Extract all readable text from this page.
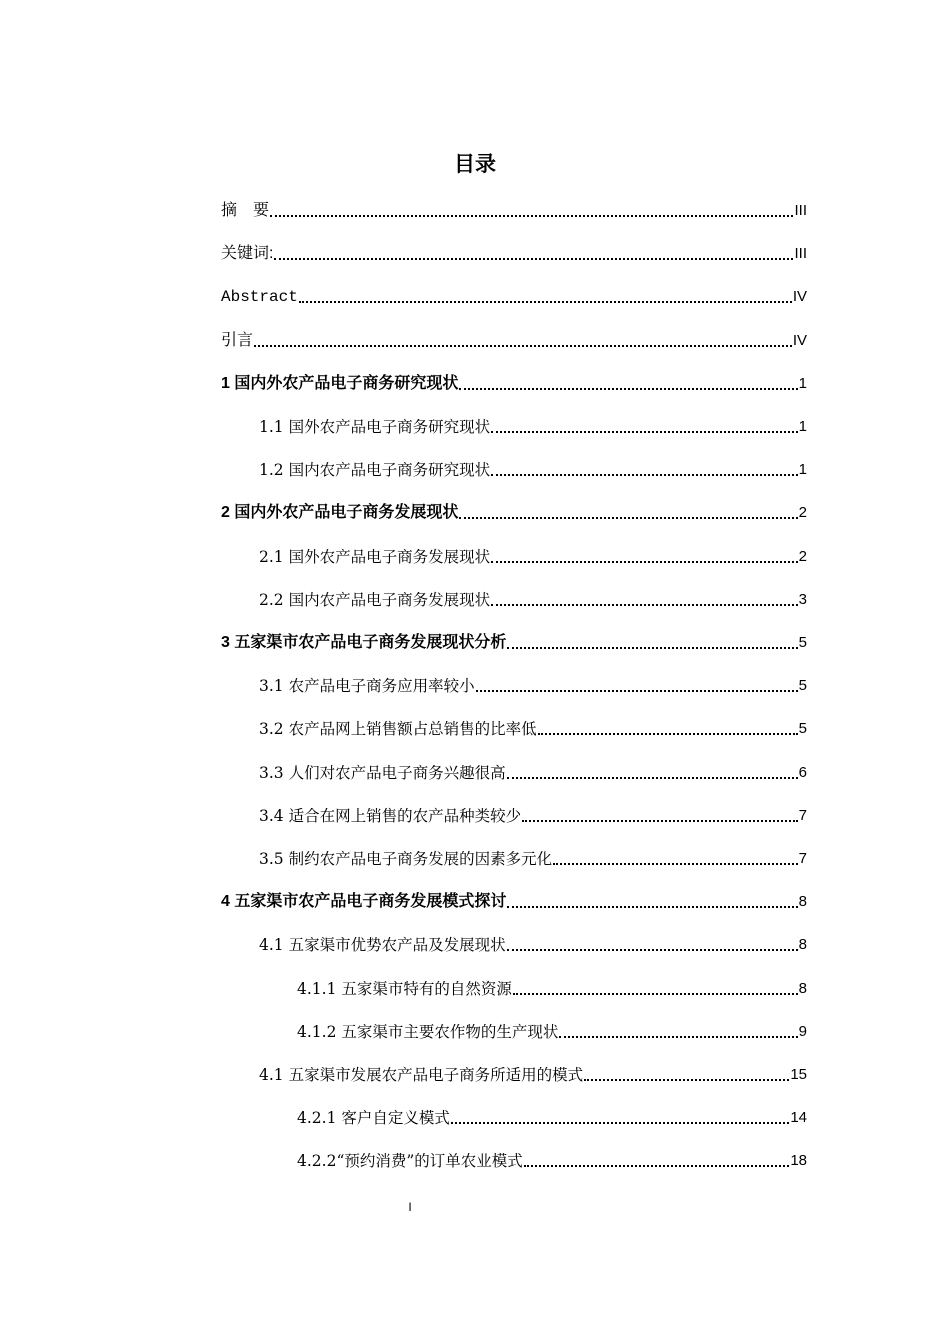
目录
摘　要	III
关键词:	III
Abstract	IV
引言	IV
1 国内外农产品电子商务研究现状	1
1.1 国外农产品电子商务研究现状	1
1.2 国内农产品电子商务研究现状	1
2 国内外农产品电子商务发展现状	2
2.1 国外农产品电子商务发展现状	2
2.2 国内农产品电子商务发展现状	3
3 五家渠市农产品电子商务发展现状分析	5
3.1 农产品电子商务应用率较小	5
3.2 农产品网上销售额占总销售的比率低	5
3.3 人们对农产品电子商务兴趣很高	6
3.4 适合在网上销售的农产品种类较少	7
3.5 制约农产品电子商务发展的因素多元化	7
4 五家渠市农产品电子商务发展模式探讨	8
4.1 五家渠市优势农产品及发展现状	8
4.1.1 五家渠市特有的自然资源	8
4.1.2 五家渠市主要农作物的生产现状	9
4.1 五家渠市发展农产品电子商务所适用的模式	15
4.2.1 客户自定义模式	14
4.2.2“预约消费”的订单农业模式	18
I
